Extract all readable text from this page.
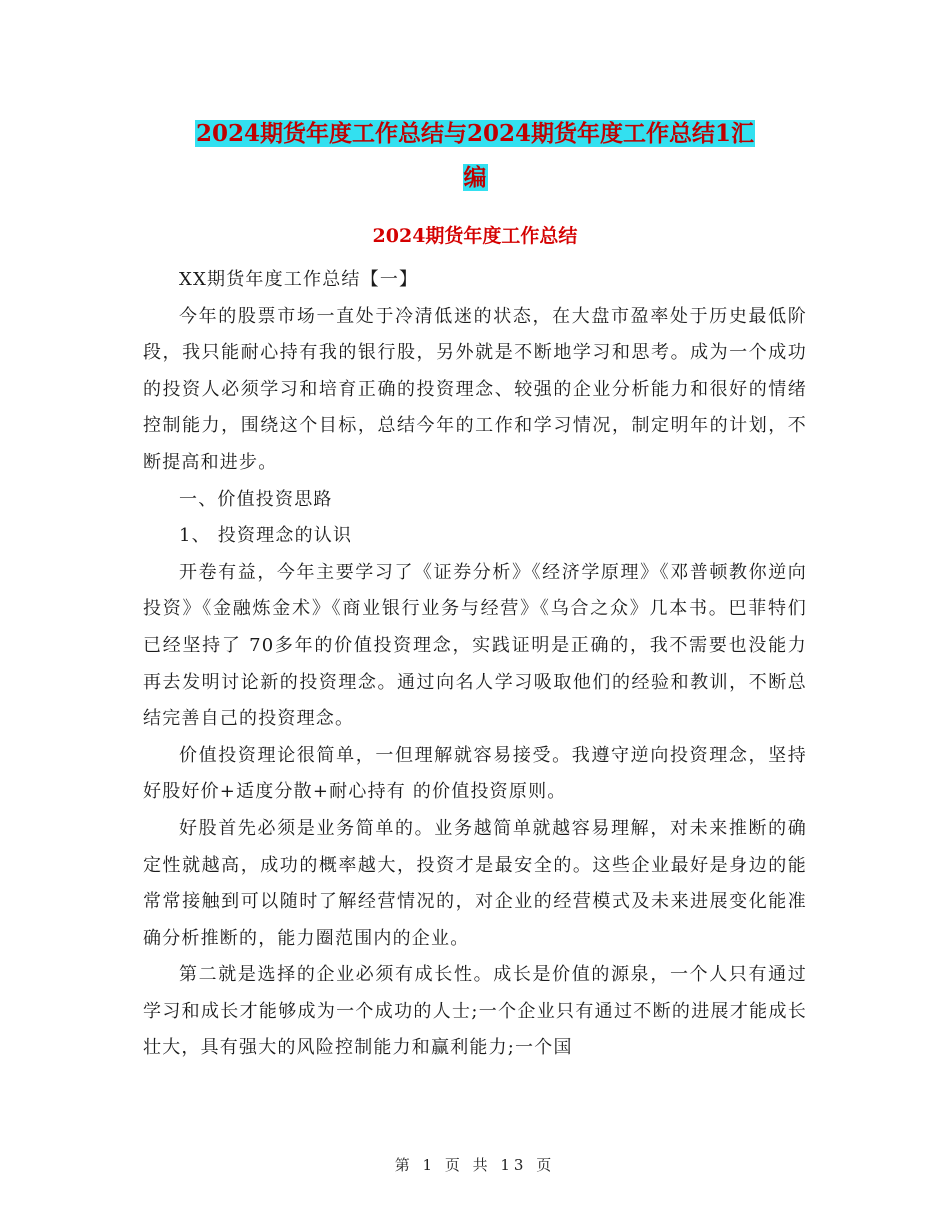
2024期货年度工作总结与2024期货年度工作总结1汇
编
2024期货年度工作总结

XX期货年度工作总结【一】

今年的股票市场一直处于冷清低迷的状态，在大盘市盈率处于历史最低阶段，我只能耐心持有我的银行股，另外就是不断地学习和思考。成为一个成功的投资人必须学习和培育正确的投资理念、较强的企业分析能力和很好的情绪控制能力，围绕这个目标，总结今年的工作和学习情况，制定明年的计划，不断提高和进步。

一、价值投资思路

1、 投资理念的认识

开卷有益，今年主要学习了《证券分析》《经济学原理》《邓普顿教你逆向投资》《金融炼金术》《商业银行业务与经营》《乌合之众》几本书。巴菲特们已经坚持了 70多年的价值投资理念，实践证明是正确的，我不需要也没能力再去发明讨论新的投资理念。通过向名人学习吸取他们的经验和教训，不断总结完善自己的投资理念。

价值投资理论很简单，一但理解就容易接受。我遵守逆向投资理念，坚持 好股好价+适度分散+耐心持有 的价值投资原则。

好股首先必须是业务简单的。业务越简单就越容易理解，对未来推断的确定性就越高，成功的概率越大，投资才是最安全的。这些企业最好是身边的能常常接触到可以随时了解经营情况的，对企业的经营模式及未来进展变化能准确分析推断的，能力圈范围内的企业。

第二就是选择的企业必须有成长性。成长是价值的源泉，一个人只有通过学习和成长才能够成为一个成功的人士;一个企业只有通过不断的进展才能成长壮大，具有强大的风险控制能力和赢利能力;一个国

第 1 页 共 13 页
